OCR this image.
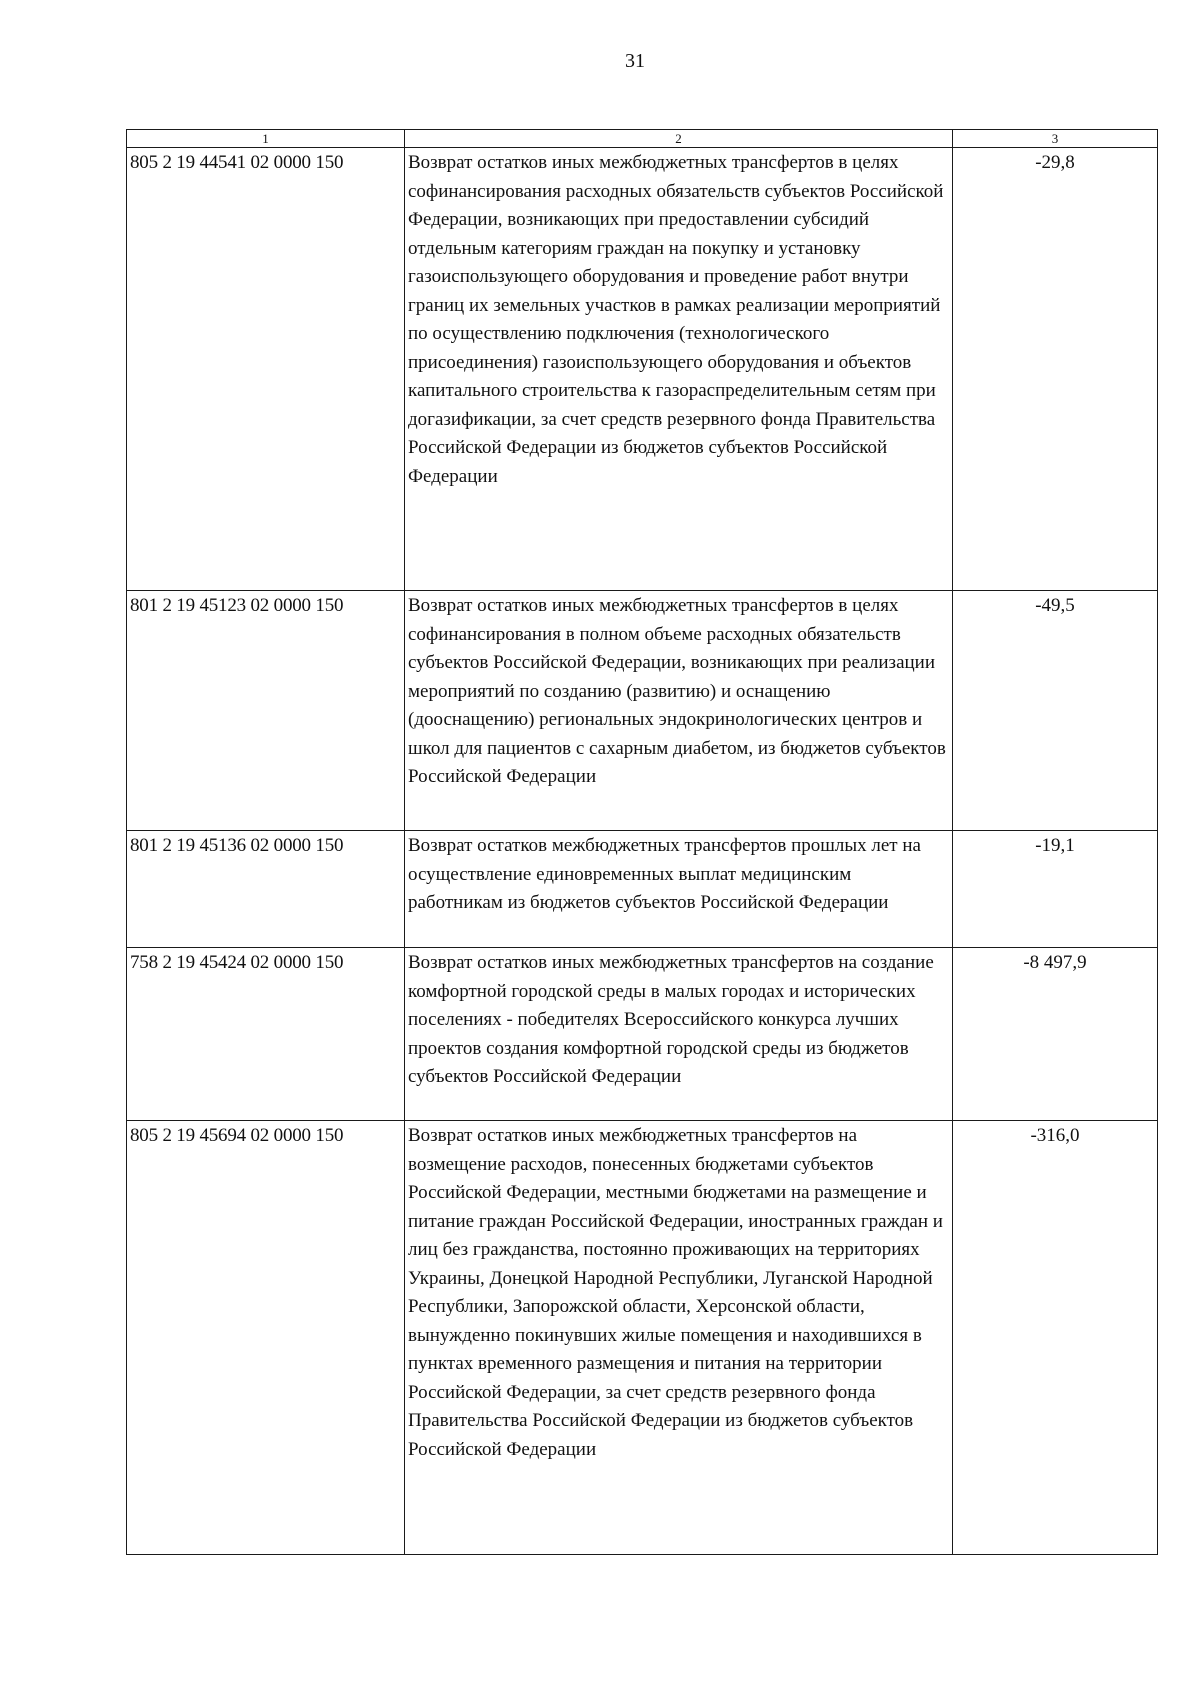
31
1	2	3
805 2 19 44541 02 0000 150	Возврат остатков иных межбюджетных трансфертов в целях софинансирования расходных обязательств субъектов Российской Федерации, возникающих при предоставлении субсидий отдельным категориям граждан на покупку и установку газоиспользующего оборудования и проведение работ внутри границ их земельных участков в рамках реализации мероприятий по осуществлению подключения (технологического присоединения) газоиспользующего оборудования и объектов капитального строительства к газораспределительным сетям при догазификации, за счет средств резервного фонда Правительства Российской Федерации из бюджетов субъектов Российской Федерации	-29,8
801 2 19 45123 02 0000 150	Возврат остатков иных межбюджетных трансфертов в целях софинансирования в полном объеме расходных обязательств субъектов Российской Федерации, возникающих при реализации мероприятий по созданию (развитию) и оснащению (дооснащению) региональных эндокринологических центров и школ для пациентов с сахарным диабетом, из бюджетов субъектов Российской Федерации	-49,5
801 2 19 45136 02 0000 150	Возврат остатков межбюджетных трансфертов прошлых лет на осуществление единовременных выплат медицинским работникам из бюджетов субъектов Российской Федерации	-19,1
758 2 19 45424 02 0000 150	Возврат остатков иных межбюджетных трансфертов на создание комфортной городской среды в малых городах и исторических поселениях - победителях Всероссийского конкурса лучших проектов создания комфортной городской среды из бюджетов субъектов Российской Федерации	-8 497,9
805 2 19 45694 02 0000 150	Возврат остатков иных межбюджетных трансфертов на возмещение расходов, понесенных бюджетами субъектов Российской Федерации, местными бюджетами на размещение и питание граждан Российской Федерации, иностранных граждан и лиц без гражданства, постоянно проживающих на территориях Украины, Донецкой Народной Республики, Луганской Народной Республики, Запорожской области, Херсонской области, вынужденно покинувших жилые помещения и находившихся в пунктах временного размещения и питания на территории Российской Федерации, за счет средств резервного фонда Правительства Российской Федерации из бюджетов субъектов Российской Федерации	-316,0
